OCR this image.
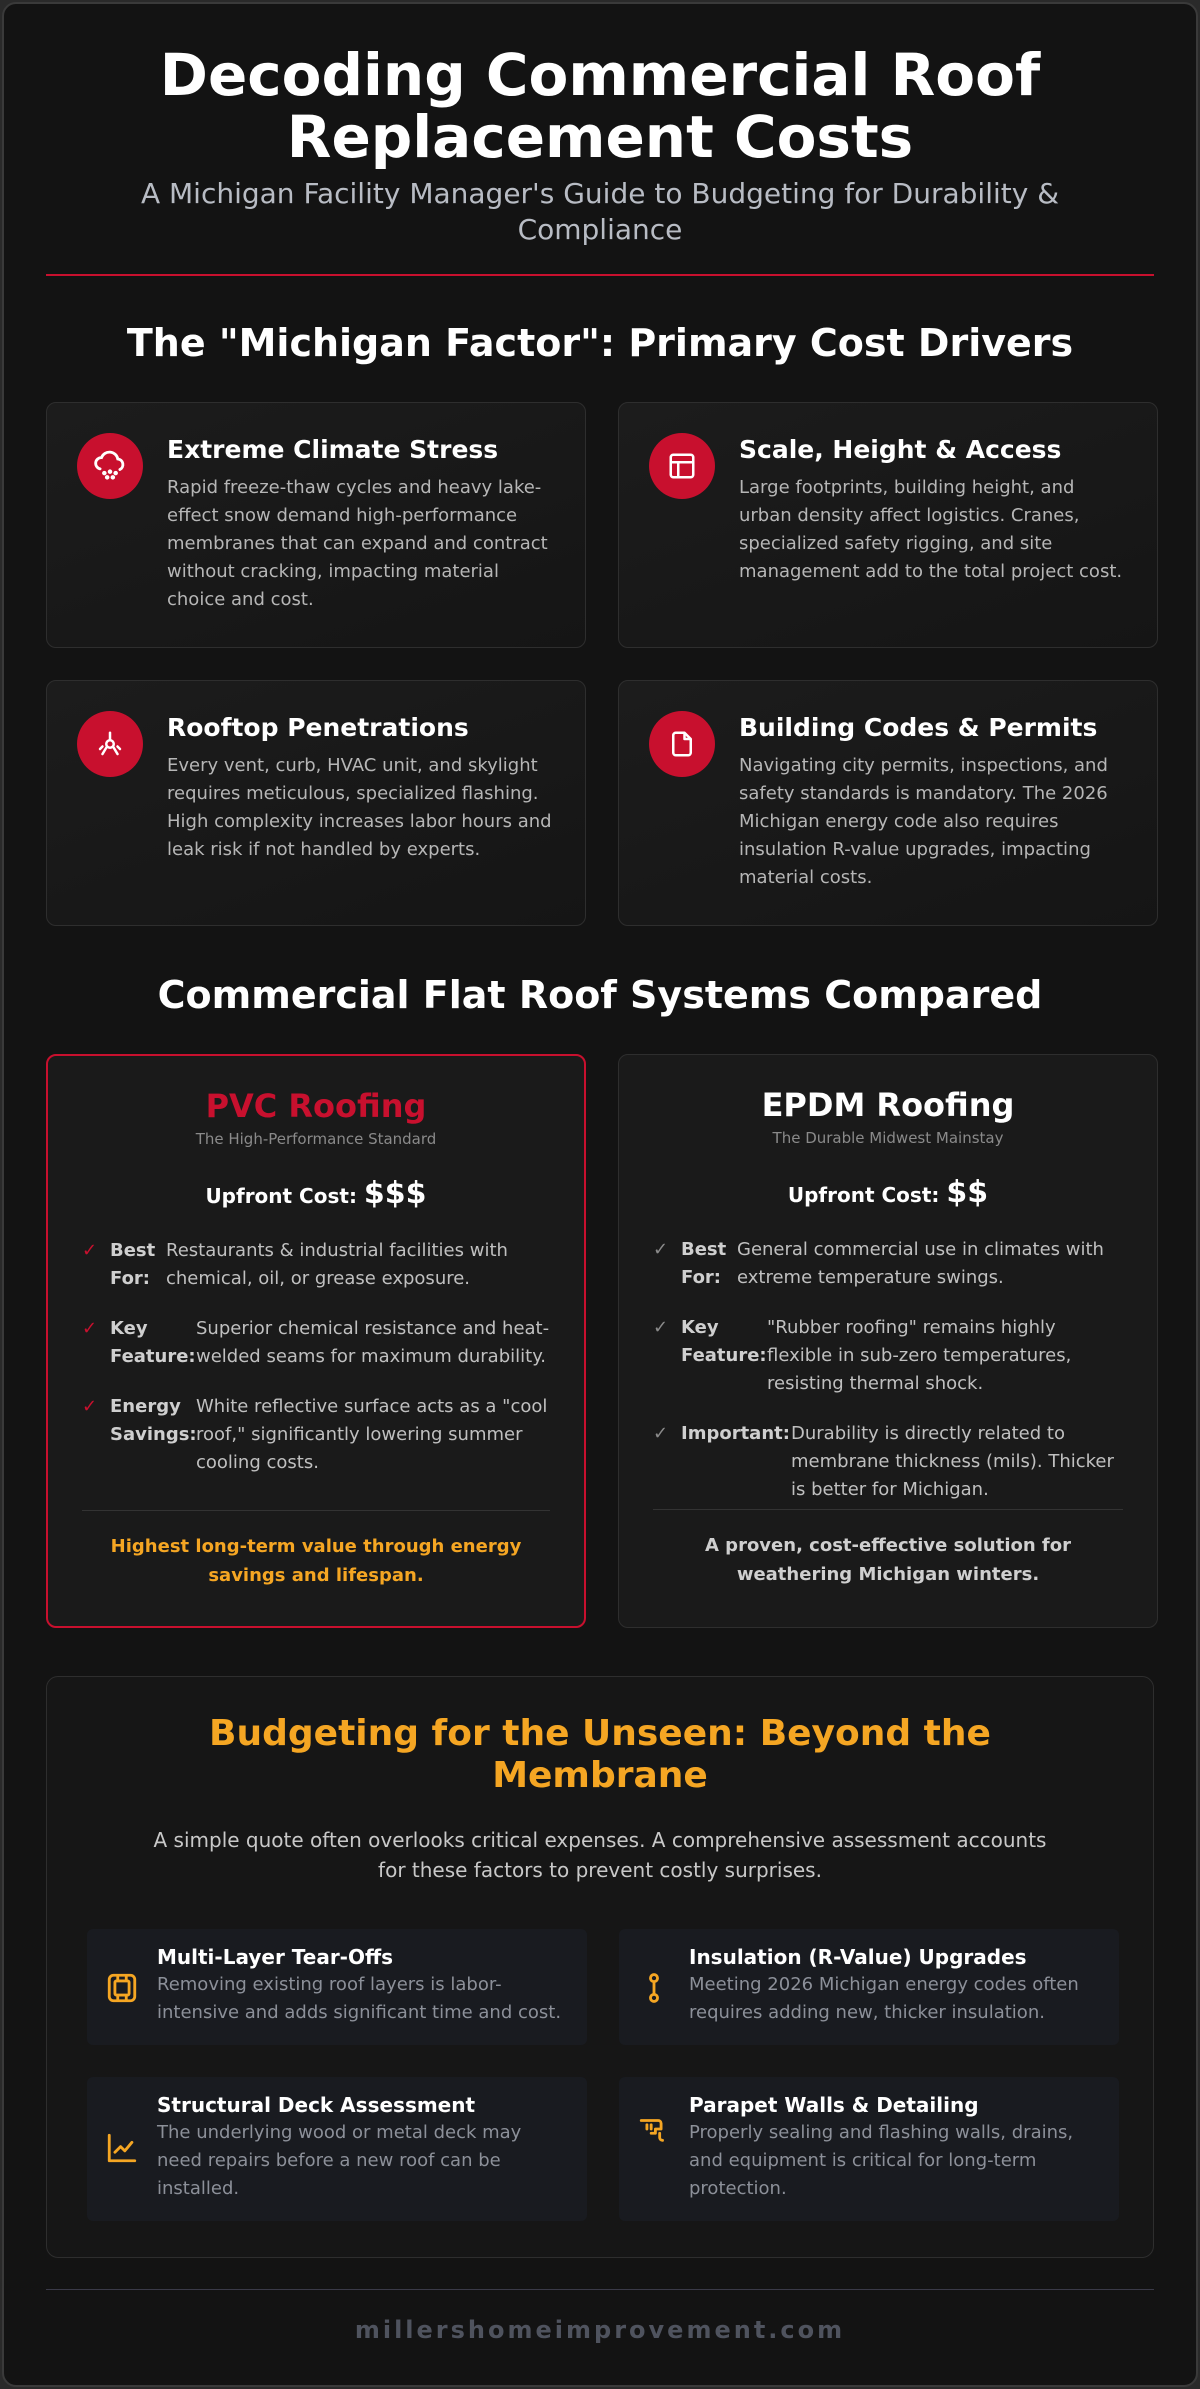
Decoding Commercial Roof Replacement Costs

A Michigan Facility Manager's Guide to Budgeting for Durability & Compliance

The "Michigan Factor": Primary Cost Drivers
Extreme Climate Stress
Rapid freeze-thaw cycles and heavy lake-effect snow demand high-performance membranes that can expand and contract without cracking, impacting material choice and cost.
Scale, Height & Access
Large footprints, building height, and urban density affect logistics. Cranes, specialized safety rigging, and site management add to the total project cost.
Rooftop Penetrations
Every vent, curb, HVAC unit, and skylight requires meticulous, specialized flashing. High complexity increases labor hours and leak risk if not handled by experts.
Building Codes & Permits
Navigating city permits, inspections, and safety standards is mandatory. The 2026 Michigan energy code also requires insulation R-value upgrades, impacting material costs.
Commercial Flat Roof Systems Compared
PVC Roofing
The High-Performance Standard
Upfront Cost: $$$
✓ Best For:
Restaurants & industrial facilities with chemical, oil, or grease exposure.
✓ Key Feature:
Superior chemical resistance and heat-welded seams for maximum durability.
✓ Energy Savings:
White reflective surface acts as a "cool roof," significantly lowering summer cooling costs.
Highest long-term value through energy savings and lifespan.
EPDM Roofing
The Durable Midwest Mainstay
Upfront Cost: $$
✓ Best For:
General commercial use in climates with extreme temperature swings.
✓ Key Feature:
"Rubber roofing" remains highly flexible in sub-zero temperatures, resisting thermal shock.
✓ Important: Durability is directly related to membrane thickness (mils). Thicker is better for Michigan.
A proven, cost-effective solution for weathering Michigan winters.
Budgeting for the Unseen: Beyond the Membrane

A simple quote often overlooks critical expenses. A comprehensive assessment accounts for these factors to prevent costly surprises.

Multi-Layer Tear-Offs
Removing existing roof layers is labor-intensive and adds significant time and cost.
Insulation (R-Value) Upgrades
Meeting 2026 Michigan energy codes often requires adding new, thicker insulation.
Structural Deck Assessment
The underlying wood or metal deck may need repairs before a new roof can be installed.
Parapet Walls & Detailing
Properly sealing and flashing walls, drains, and equipment is critical for long-term protection.
millershomeimprovement.com
